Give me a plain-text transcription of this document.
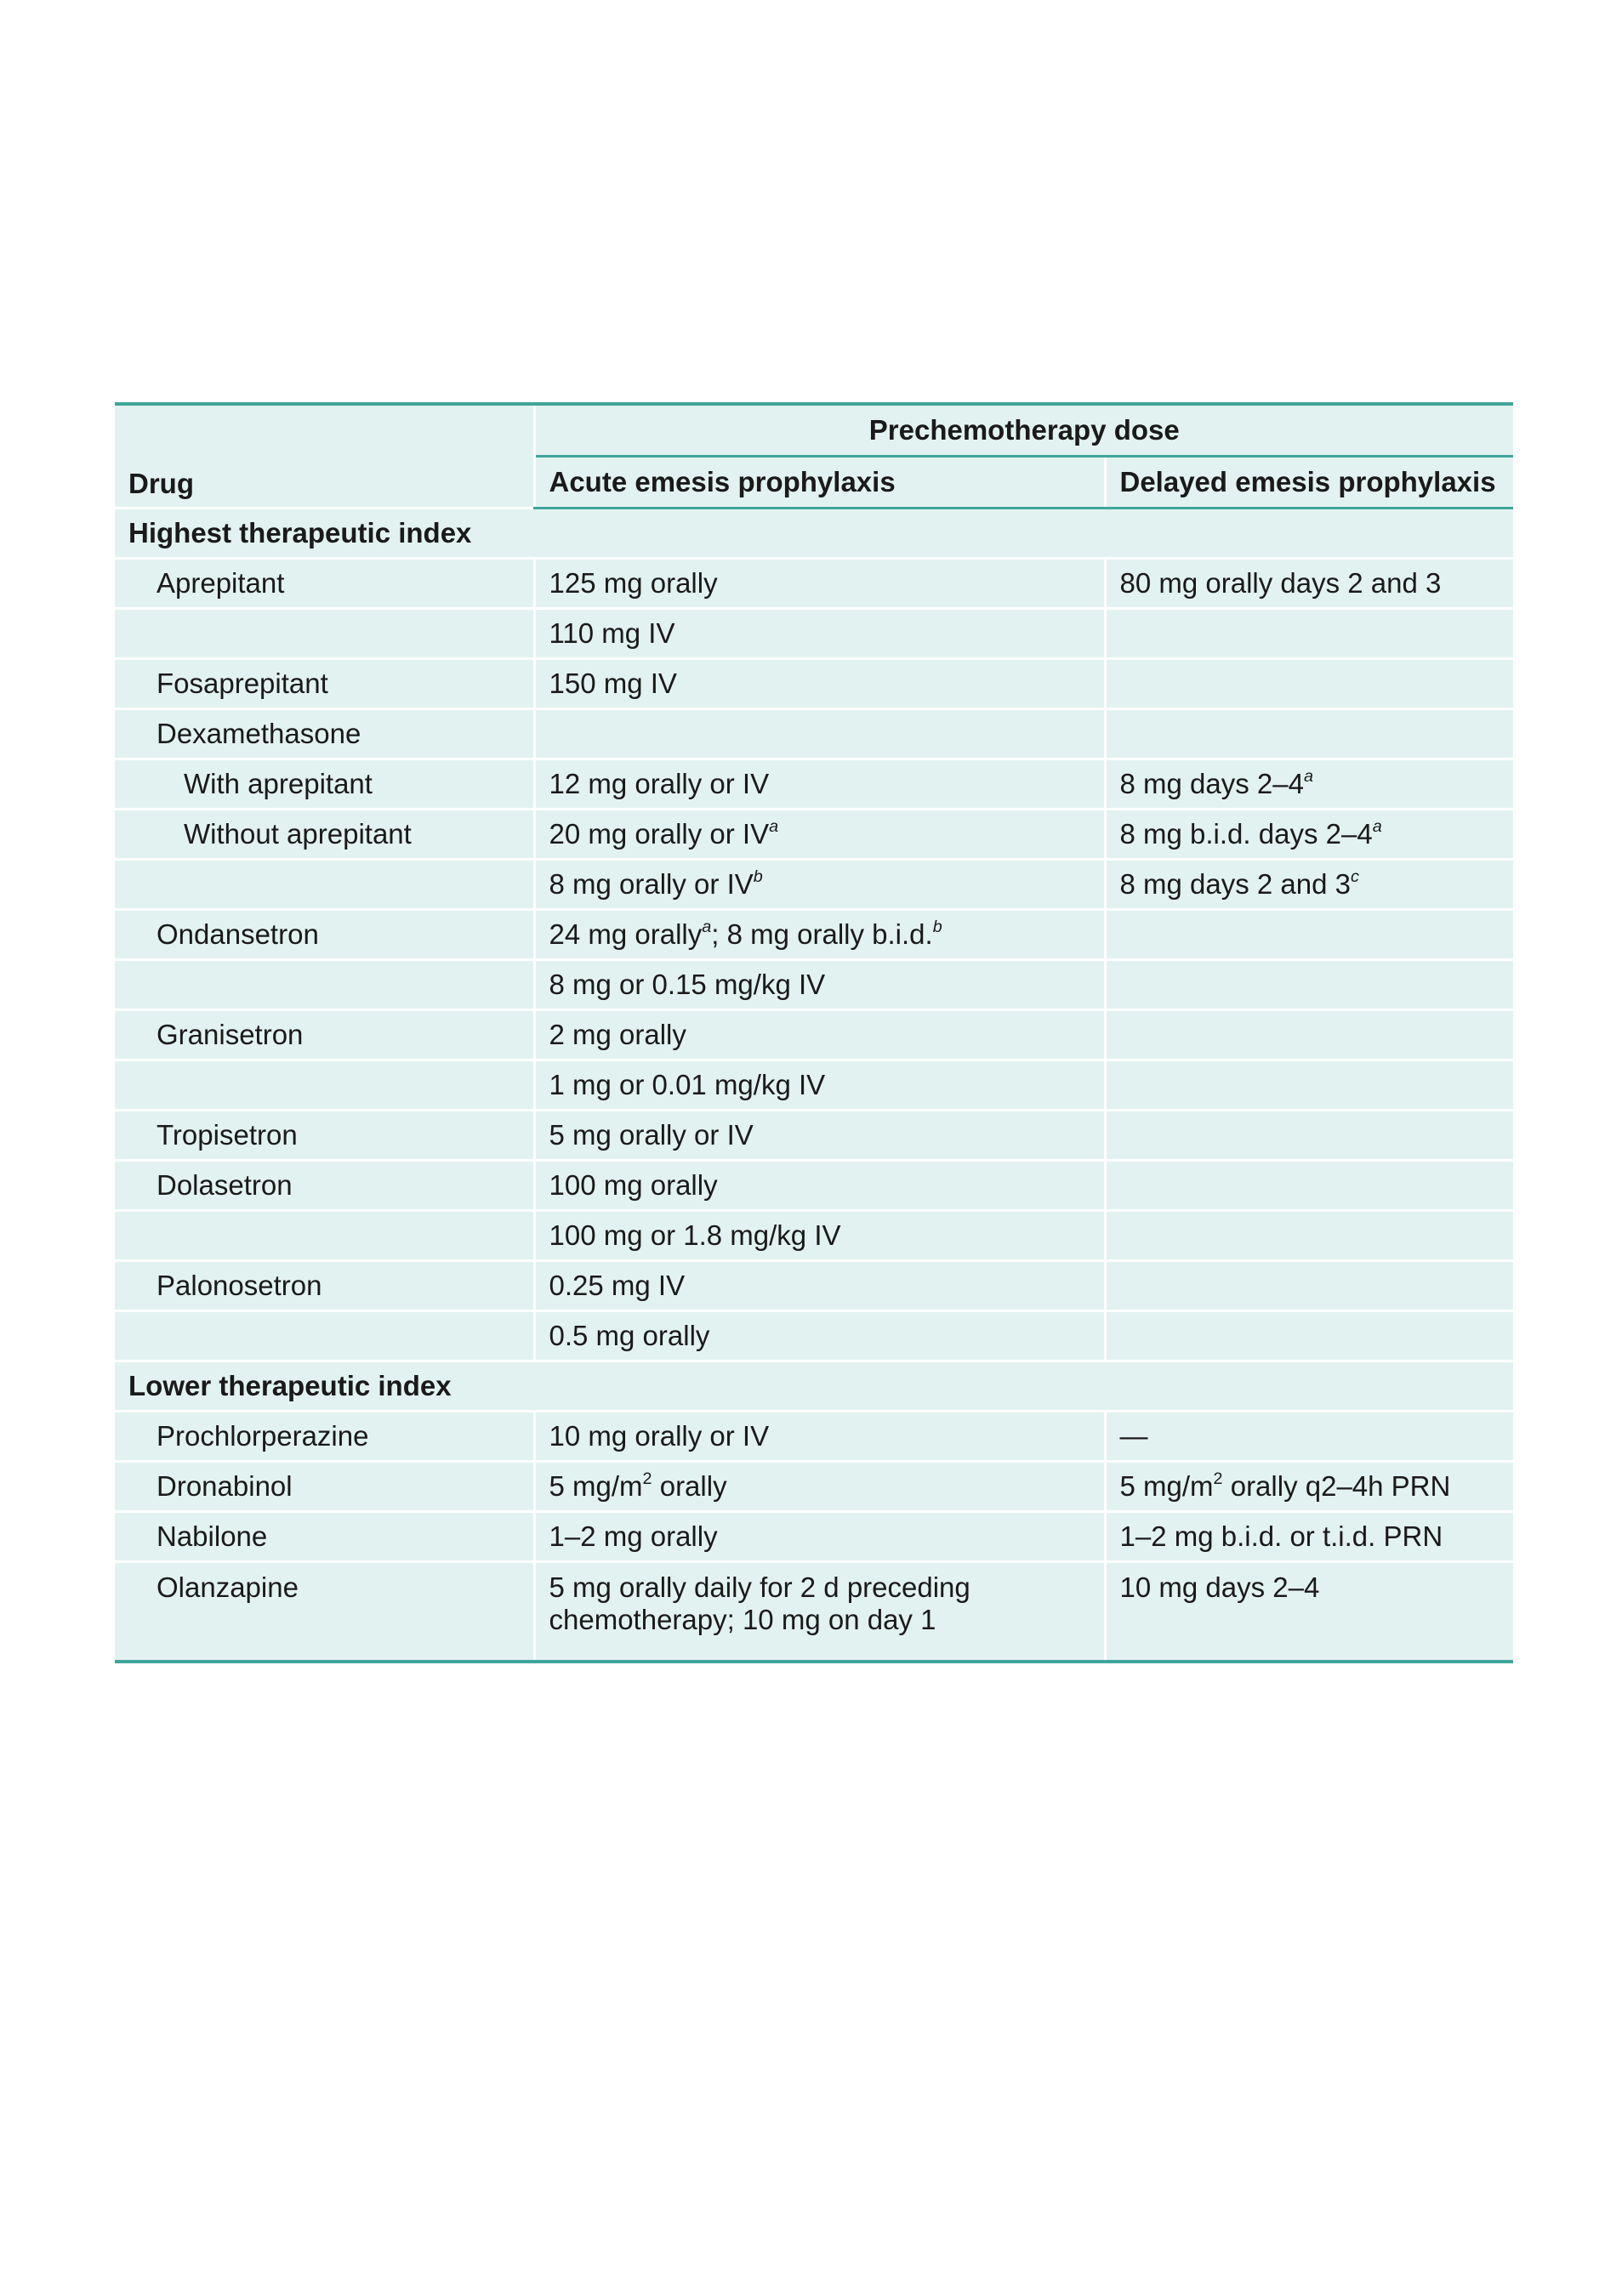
Drug	Prechemotherapy dose	
	Acute emesis prophylaxis	Delayed emesis prophylaxis
Highest therapeutic index		
Aprepitant	125 mg orally	80 mg orally days 2 and 3
	110 mg IV	
Fosaprepitant	150 mg IV	
Dexamethasone		
With aprepitant	12 mg orally or IV	8 mg days 2–4$^a$
Without aprepitant	20 mg orally or $IV^a$	8 mg b.i.d. days 2–4$^a$
	8 mg orally or $IV^b$	8 mg days 2 and 3$^c$
Ondansetron	24 mg orally$^a$; 8 mg orally b.i.d.$^b$	
	8 mg or 0.15 mg/kg IV	
Granisetron	2 mg orally	
	1 mg or 0.01 mg/kg IV	
Tropisetron	5 mg orally or IV	
Dolasetron	100 mg orally	
	100 mg or 1.8 mg/kg IV	
Palonosetron	0.25 mg IV	
	0.5 mg orally	
Lower therapeutic index		
Prochlorperazine	10 mg orally or IV	—
Dronabinol	5 $mg/m^2$ orally	5 $mg/m^2$ orally q2–4h PRN
Nabilone	1–2 mg orally	1–2 mg b.i.d. or t.i.d. PRN
Olanzapine	5 mg orally daily for 2 d preceding chemotherapy; 10 mg on day 1	10 mg days 2–4
